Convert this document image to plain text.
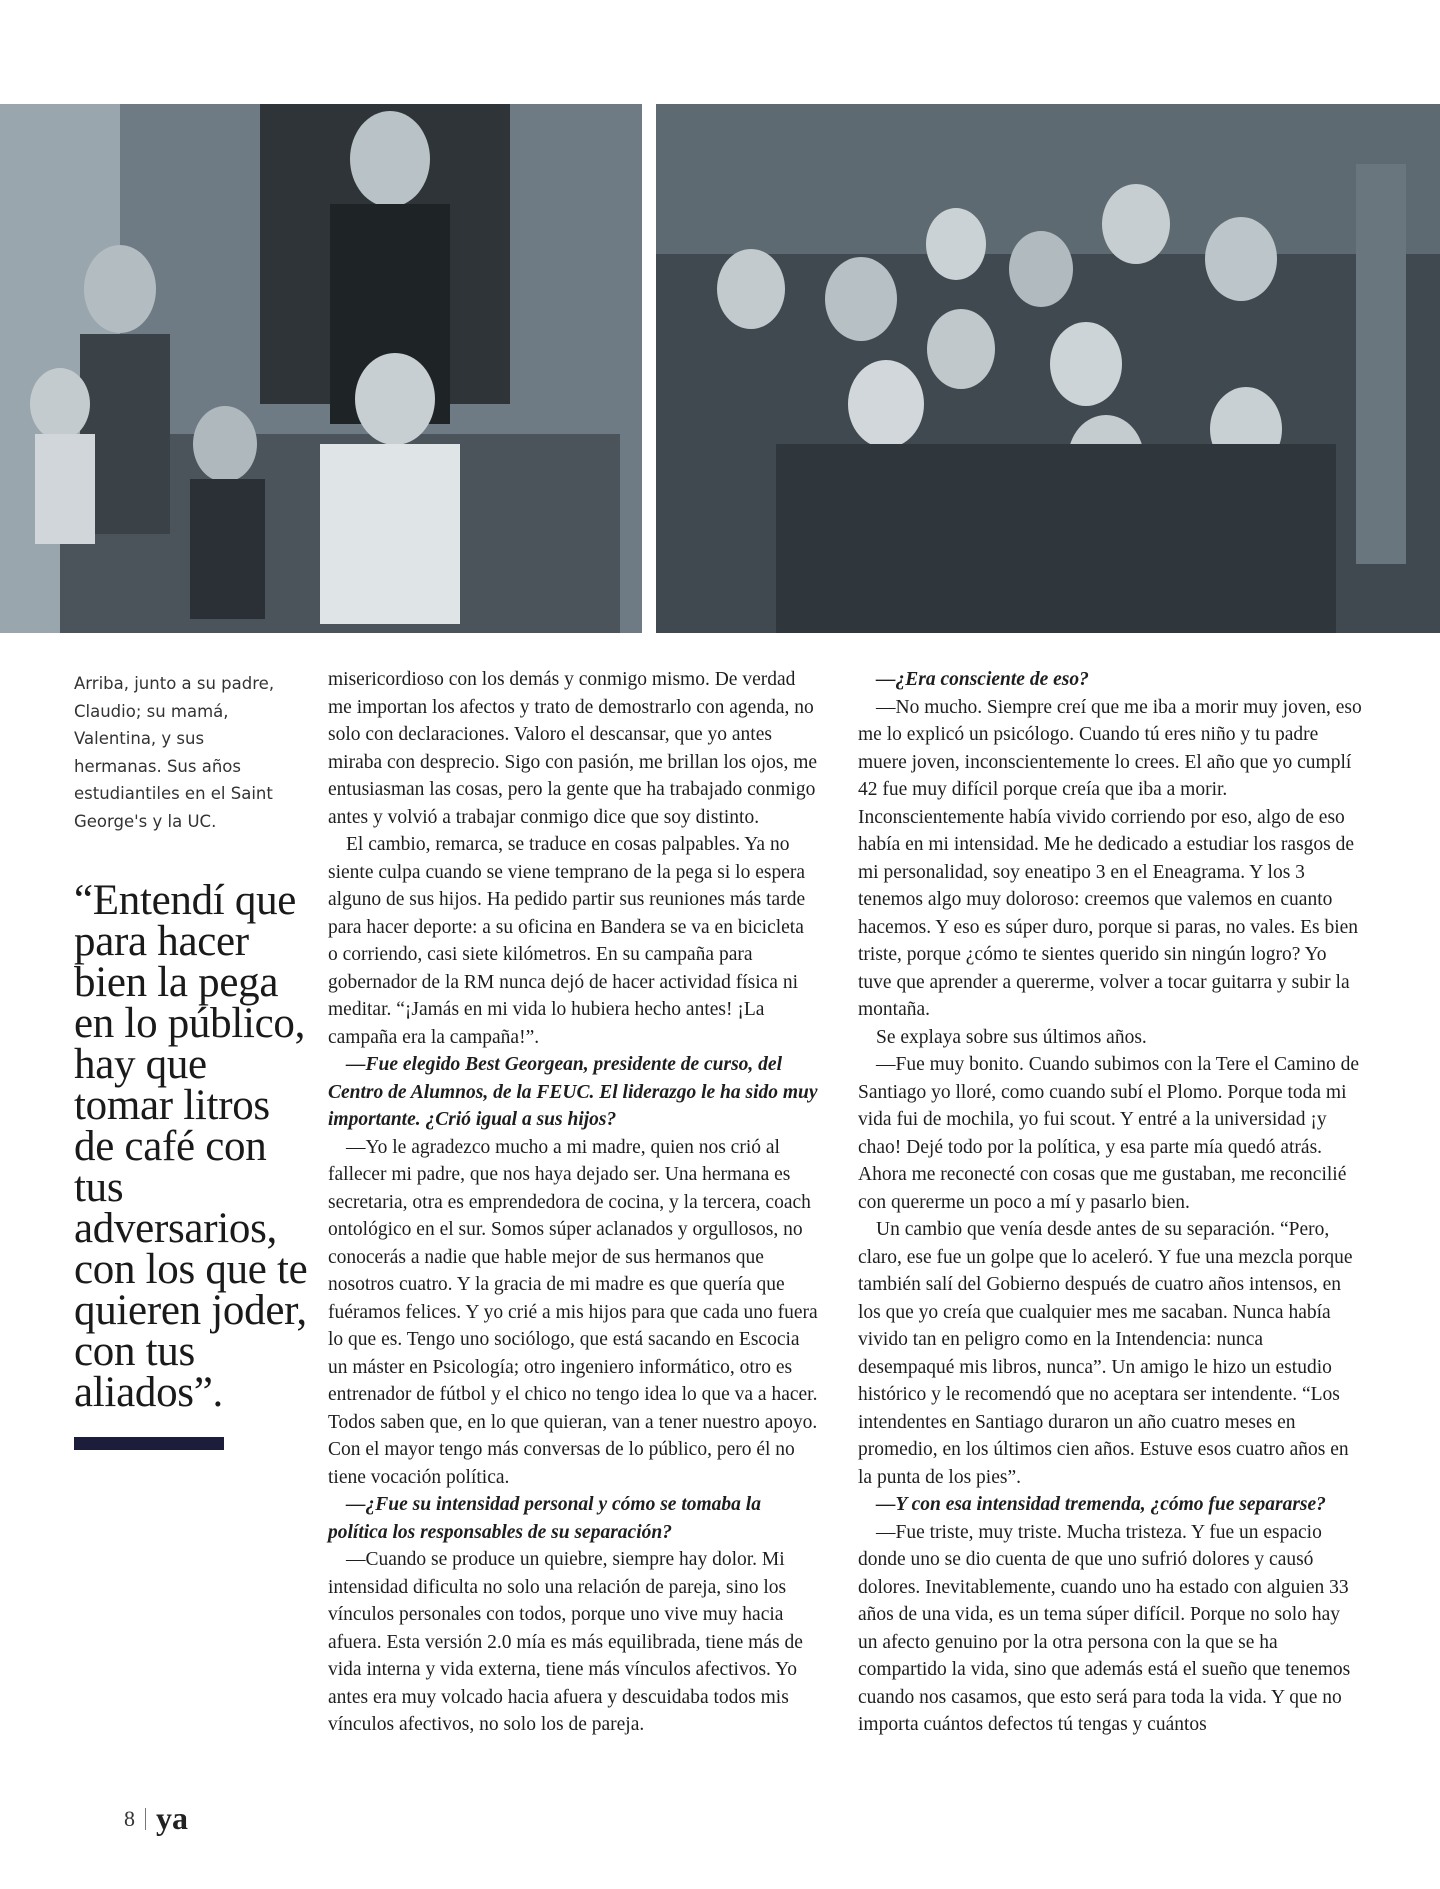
Arriba, junto a su padre, Claudio; su mamá, Valentina, y sus hermanas. Sus años estudiantiles en el Saint George's y la UC.
“Entendí que para hacer bien la pega en lo público, hay que tomar litros de café con tus adversarios, con los que te quieren joder, con tus aliados”.

misericordioso con los demás y conmigo mismo. De verdad me importan los afectos y trato de demostrarlo con agenda, no solo con declaraciones. Valoro el descansar, que yo antes miraba con desprecio. Sigo con pasión, me brillan los ojos, me entusiasman las cosas, pero la gente que ha trabajado conmigo antes y volvió a trabajar conmigo dice que soy distinto.

El cambio, remarca, se traduce en cosas palpables. Ya no siente culpa cuando se viene temprano de la pega si lo espera alguno de sus hijos. Ha pedido partir sus reuniones más tarde para hacer deporte: a su oficina en Bandera se va en bicicleta o corriendo, casi siete kilómetros. En su campaña para gobernador de la RM nunca dejó de hacer actividad física ni meditar. “¡Jamás en mi vida lo hubiera hecho antes! ¡La campaña era la campaña!”.

—Fue elegido Best Georgean, presidente de curso, del Centro de Alumnos, de la FEUC. El liderazgo le ha sido muy importante. ¿Crió igual a sus hijos?

—Yo le agradezco mucho a mi madre, quien nos crió al fallecer mi padre, que nos haya dejado ser. Una hermana es secretaria, otra es emprendedora de cocina, y la tercera, coach ontológico en el sur. Somos súper aclanados y orgullosos, no conocerás a nadie que hable mejor de sus hermanos que nosotros cuatro. Y la gracia de mi madre es que quería que fuéramos felices. Y yo crié a mis hijos para que cada uno fuera lo que es. Tengo uno sociólogo, que está sacando en Escocia un máster en Psicología; otro ingeniero informático, otro es entrenador de fútbol y el chico no tengo idea lo que va a hacer. Todos saben que, en lo que quieran, van a tener nuestro apoyo. Con el mayor tengo más conversas de lo público, pero él no tiene vocación política.

—¿Fue su intensidad personal y cómo se tomaba la política los responsables de su separación?

—Cuando se produce un quiebre, siempre hay dolor. Mi intensidad dificulta no solo una relación de pareja, sino los vínculos personales con todos, porque uno vive muy hacia afuera. Esta versión 2.0 mía es más equilibrada, tiene más de vida interna y vida externa, tiene más vínculos afectivos. Yo antes era muy volcado hacia afuera y descuidaba todos mis vínculos afectivos, no solo los de pareja.

—¿Era consciente de eso?

—No mucho. Siempre creí que me iba a morir muy joven, eso me lo explicó un psicólogo. Cuando tú eres niño y tu padre muere joven, inconscientemente lo crees. El año que yo cumplí 42 fue muy difícil porque creía que iba a morir. Inconscientemente había vivido corriendo por eso, algo de eso había en mi intensidad. Me he dedicado a estudiar los rasgos de mi personalidad, soy eneatipo 3 en el Eneagrama. Y los 3 tenemos algo muy doloroso: creemos que valemos en cuanto hacemos. Y eso es súper duro, porque si paras, no vales. Es bien triste, porque ¿cómo te sientes querido sin ningún logro? Yo tuve que aprender a quererme, volver a tocar guitarra y subir la montaña.

Se explaya sobre sus últimos años.

—Fue muy bonito. Cuando subimos con la Tere el Camino de Santiago yo lloré, como cuando subí el Plomo. Porque toda mi vida fui de mochila, yo fui scout. Y entré a la universidad ¡y chao! Dejé todo por la política, y esa parte mía quedó atrás. Ahora me reconecté con cosas que me gustaban, me reconcilié con quererme un poco a mí y pasarlo bien.

Un cambio que venía desde antes de su separación. “Pero, claro, ese fue un golpe que lo aceleró. Y fue una mezcla porque también salí del Gobierno después de cuatro años intensos, en los que yo creía que cualquier mes me sacaban. Nunca había vivido tan en peligro como en la Intendencia: nunca desempaqué mis libros, nunca”. Un amigo le hizo un estudio histórico y le recomendó que no aceptara ser intendente. “Los intendentes en Santiago duraron un año cuatro meses en promedio, en los últimos cien años. Estuve esos cuatro años en la punta de los pies”.

—Y con esa intensidad tremenda, ¿cómo fue separarse?

—Fue triste, muy triste. Mucha tristeza. Y fue un espacio donde uno se dio cuenta de que uno sufrió dolores y causó dolores. Inevitablemente, cuando uno ha estado con alguien 33 años de una vida, es un tema súper difícil. Porque no solo hay un afecto genuino por la otra persona con la que se ha compartido la vida, sino que además está el sueño que tenemos cuando nos casamos, que esto será para toda la vida. Y que no importa cuántos defectos tú tengas y cuántos

8 ya
